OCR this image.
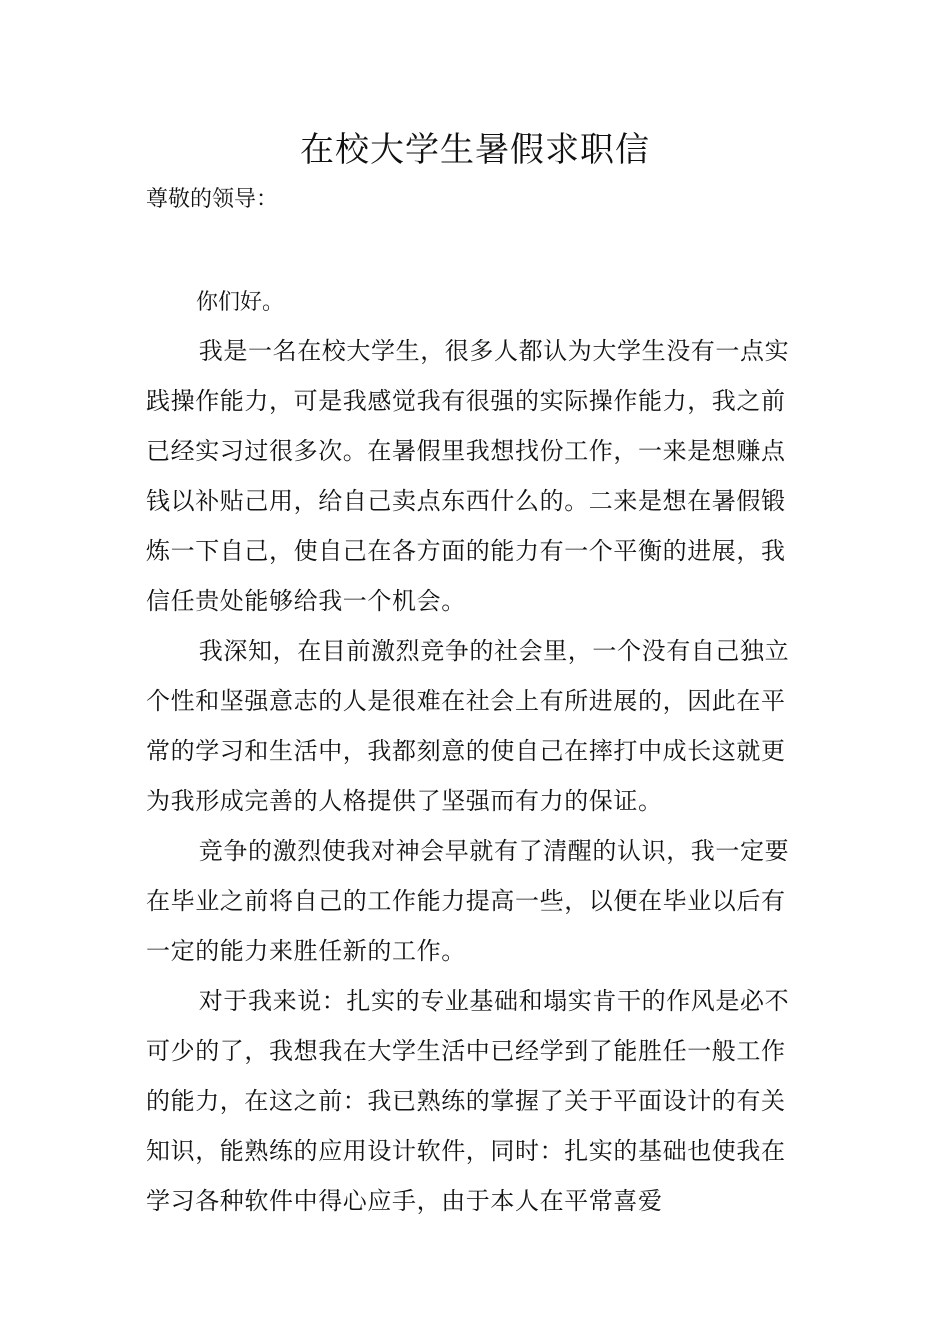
在校大学生暑假求职信
尊敬的领导：
你们好。

我是一名在校大学生，很多人都认为大学生没有一点实践操作能力，可是我感觉我有很强的实际操作能力，我之前已经实习过很多次。在暑假里我想找份工作，一来是想赚点钱以补贴己用，给自己卖点东西什么的。二来是想在暑假锻炼一下自己，使自己在各方面的能力有一个平衡的进展，我信任贵处能够给我一个机会。

我深知，在目前激烈竞争的社会里，一个没有自己独立个性和坚强意志的人是很难在社会上有所进展的，因此在平常的学习和生活中，我都刻意的使自己在摔打中成长这就更为我形成完善的人格提供了坚强而有力的保证。

竞争的激烈使我对神会早就有了清醒的认识，我一定要在毕业之前将自己的工作能力提高一些，以便在毕业以后有一定的能力来胜任新的工作。

对于我来说：扎实的专业基础和塌实肯干的作风是必不可少的了，我想我在大学生活中已经学到了能胜任一般工作的能力，在这之前：我已熟练的掌握了关于平面设计的有关知识，能熟练的应用设计软件，同时：扎实的基础也使我在学习各种软件中得心应手，由于本人在平常喜爱
